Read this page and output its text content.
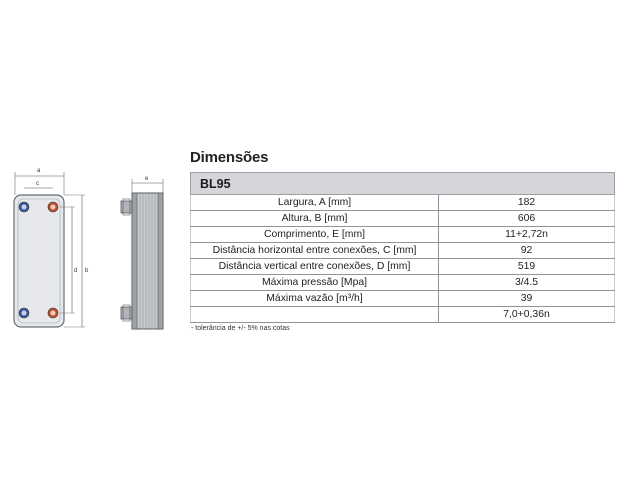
a
c
d b
e
Dimensões
BL95	
Largura, A [mm]	182
Altura, B [mm]	606
Comprimento, E [mm]	11+2,72n
Distância horizontal entre conexões, C [mm]	92
Distância vertical entre conexões, D [mm]	519
Máxima pressão [Mpa]	3/4.5
Máxima vazão [m³/h]	39
	7,0+0,36n
- tolerância de +/- 5% nas cotas
